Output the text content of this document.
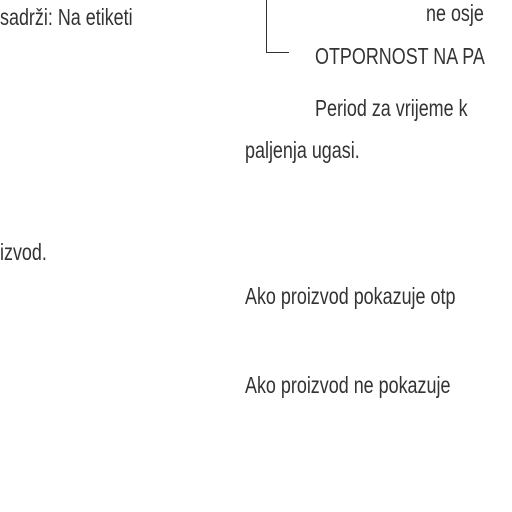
sadrži: Na etiketi
izvod.
ne osje
OTPORNOST NA PA
Period za vrijeme k
paljenja ugasi.
Ako proizvod pokazuje otp
Ako proizvod ne pokazuje
